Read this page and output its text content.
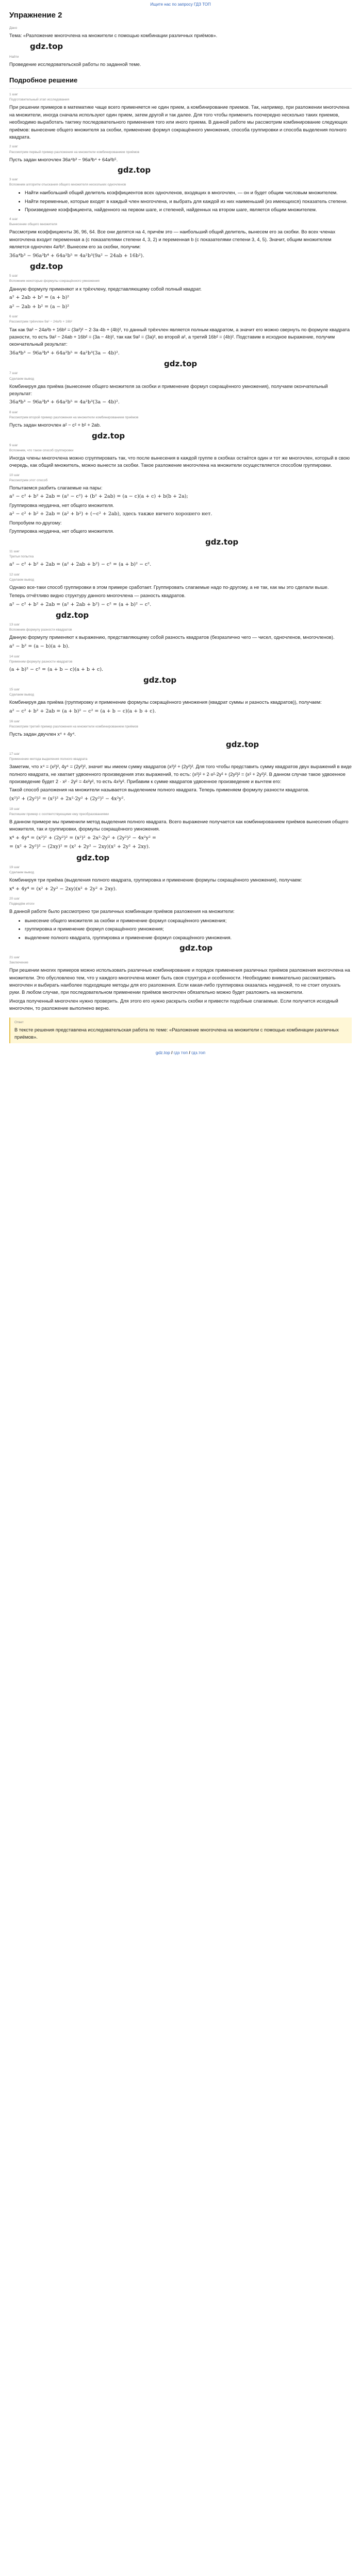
Ищите нас по запросу ГДЗ ТОП
Упражнение 2
Дано

Тема: «Разложение многочлена на множители с помощью комбинации различных приёмов».

gdz.top
Найти

Проведение исследовательской работы по заданной теме.

Подробное решение
1 шаг
Подготовительный этап исследования

При решении примеров в математике чаще всего применяется не один прием, а комбинирование приемов. Так, например, при разложении многочлена на множители, иногда сначала используют один прием, затем другой и так далее. Для того чтобы применить поочередно несколько таких приемов, необходимо выработать тактику последовательного применения того или иного приема. В данной работе мы рассмотрим комбинирование следующих приёмов: вынесение общего множителя за скобки, применение формул сокращённого умножения, способа группировки и способа выделения полного квадрата.

2 шаг
Рассмотрим первый пример разложения на множители комбинированием приёмов

Пусть задан многочлен 36a⁴b³ − 96a³b⁴ + 64a²b⁵.

gdz.top
3 шаг
Вспомним алгоритм отыскания общего множителя нескольких одночленов
• Найти наибольший общий делитель коэффициентов всех одночленов, входящих в многочлен, — он и будет общим числовым множителем.
• Найти переменные, которые входят в каждый член многочлена, и выбрать для каждой из них наименьший (из имеющихся) показатель степени.
• Произведение коэффициента, найденного на первом шаге, и степеней, найденных на втором шаге, является общим множителем.
4 шаг
Вынесение общего множителя

Рассмотрим коэффициенты 36, 96, 64. Все они делятся на 4, причём это — наибольший общий делитель, вынесем его за скобки. Во всех членах многочлена входит переменная a (с показателями степени 4, 3, 2) и переменная b (с показателями степени 3, 4, 5). Значит, общим множителем является одночлен 4a²b³. Вынесем его за скобки, получим:

36a⁴b³ − 96a³b⁴ + 64a²b⁵ = 4a²b³(9a² − 24ab + 16b²).
gdz.top
5 шаг
Вспомним некоторые формулы сокращённого умножения

Данную формулу применяют и к трёхчлену, представляющему собой полный квадрат.

a² + 2ab + b² = (a + b)²
a² − 2ab + b² = (a − b)²
6 шаг
Рассмотрим трёхчлен 9a² − 24a²b + 16b²

Так как 9a² − 24a²b + 16b² = (3a²)² − 2·3a·4b + (4b)², то данный трёхчлен является полным квадратом, а значит его можно свернуть по формуле квадрата разности, то есть 9a² − 24ab + 16b² = (3a − 4b)², так как 9a² = (3a)², во второй a², а третий 16b² = (4b)². Подставим в исходное выражение, получим окончательный результат:

36a⁴b³ − 96a³b⁴ + 64a²b⁵ = 4a²b³(3a − 4b)².
gdz.top
7 шаг
Сделаем вывод

Комбинируя два приёма (вынесение общего множителя за скобки и применение формул сокращённого умножения), получаем окончательный результат:

36a⁴b³ − 96a³b⁴ + 64a²b⁵ = 4a²b³(3a − 4b)².
8 шаг
Рассмотрим второй пример разложения на множители комбинированием приёмов

Пусть задан многочлен a² − c² + b² + 2ab.

gdz.top
9 шаг
Вспомним, что такое способ группировки

Иногда члены многочлена можно сгруппировать так, что после вынесения в каждой группе в скобках остаётся один и тот же многочлен, который в свою очередь, как общий множитель, можно вынести за скобки. Такое разложение многочлена на множители осуществляется способом группировки.

10 шаг
Рассмотрим этот способ

Попытаемся разбить слагаемые на пары:

a² − c² + b² + 2ab = (a² − c²) + (b² + 2ab) = (a − c)(a + c) + b(b + 2a);

Группировка неудачна, нет общего множителя.

a² − c² + b² + 2ab = (a² + b²) + (−c² + 2ab), здесь также ничего хорошего нет.

Попробуем по-другому:

Группировка неудачна, нет общего множителя.

gdz.top
11 шаг
Третья попытка
a² − c² + b² + 2ab = (a² + 2ab + b²) − c² = (a + b)² − c².
12 шаг
Сделаем вывод

Однако все-таки способ группировки в этом примере сработает. Группировать слагаемые надо по-другому, а не так, как мы это сделали выше.

Теперь отчётливо видно структуру данного многочлена — разность квадратов.

a² − c² + b² + 2ab = (a² + 2ab + b²) − c² = (a + b)² − c².
gdz.top
13 шаг
Вспомним формулу разности квадратов

Данную формулу применяют к выражению, представляющему собой разность квадратов (безразлично чего — чисел, одночленов, многочленов).

a² − b² = (a − b)(a + b).
14 шаг
Применим формулу разности квадратов
(a + b)² − c² = (a + b − c)(a + b + c).
gdz.top
15 шаг
Сделаем вывод

Комбинируя два приёма (группировку и применение формулы сокращённого умножения (квадрат суммы и разность квадратов)), получаем:

a² − c² + b² + 2ab = (a + b)² − c² = (a + b − c)(a + b + c).
16 шаг
Рассмотрим третий пример разложения на множители комбинированием приёмов

Пусть задан двучлен x⁴ + 4y⁴.

gdz.top
17 шаг
Применение метода выделения полного квадрата

Заметим, что x⁴ = (x²)², 4y⁴ = (2y²)², значит мы имеем сумму квадратов (x²)² + (2y²)². Для того чтобы представить сумму квадратов двух выражений в виде полного квадрата, не хватает удвоенного произведения этих выражений, то есть: (x²)² + 2·x²·2y² + (2y²)² = (x² + 2y²)². В данном случае такое удвоенное произведение будет 2 · x² · 2y² = 4x²y², то есть 4x²y². Прибавим к сумме квадратов удвоенное произведение и вычтем его:

Такой способ разложения на множители называется выделением полного квадрата. Теперь применяем формулу разности квадратов.

(x²)² + (2y²)² = (x²)² + 2x²·2y² + (2y²)² − 4x²y².
18 шаг
Распишем пример с соответствующими ему преобразованиями

В данном примере мы применили метод выделения полного квадрата. Всего выражение получается как комбинированием приёмов вынесения общего множителя, так и группировки, формулы сокращённого умножения.

x⁴ + 4y⁴ = (x²)² + (2y²)² = (x²)² + 2x²·2y² + (2y²)² − 4x²y² =
= (x² + 2y²)² − (2xy)² = (x² + 2y² − 2xy)(x² + 2y² + 2xy).
gdz.top
19 шаг
Сделаем вывод

Комбинируя три приёма (выделения полного квадрата, группировка и применение формулы сокращённого умножения), получаем:

x⁴ + 4y⁴ = (x² + 2y² − 2xy)(x² + 2y² + 2xy).
20 шаг
Подведём итоги

В данной работе было рассмотрено три различных комбинации приёмов разложения на множители:

• вынесение общего множителя за скобки и применение формул сокращённого умножения;
• группировка и применение формул сокращённого умножения;
• выделение полного квадрата, группировка и применение формул сокращённого умножения.
gdz.top
21 шаг
Заключение

При решении многих примеров можно использовать различные комбинирование и порядок применения различных приёмов разложения многочлена на множители. Это обусловлено тем, что у каждого многочлена может быть своя структура и особенности. Необходимо внимательно рассматривать многочлен и выбирать наиболее подходящие методы для его разложения. Если какая-либо группировка оказалась неудачной, то не стоит опускать руки. В любом случае, при последовательном применении приёмов многочлен обязательно можно будет разложить на множители.

Иногда полученный многочлен нужно проверить. Для этого его нужно раскрыть скобки и привести подобные слагаемые. Если получится исходный многочлен, то разложение выполнено верно.

Ответ

В тексте решения представлена исследовательская работа по теме: «Разложение многочлена на множители с помощью комбинации различных приёмов».

gdz.top / гдз топ / гдз.топ
